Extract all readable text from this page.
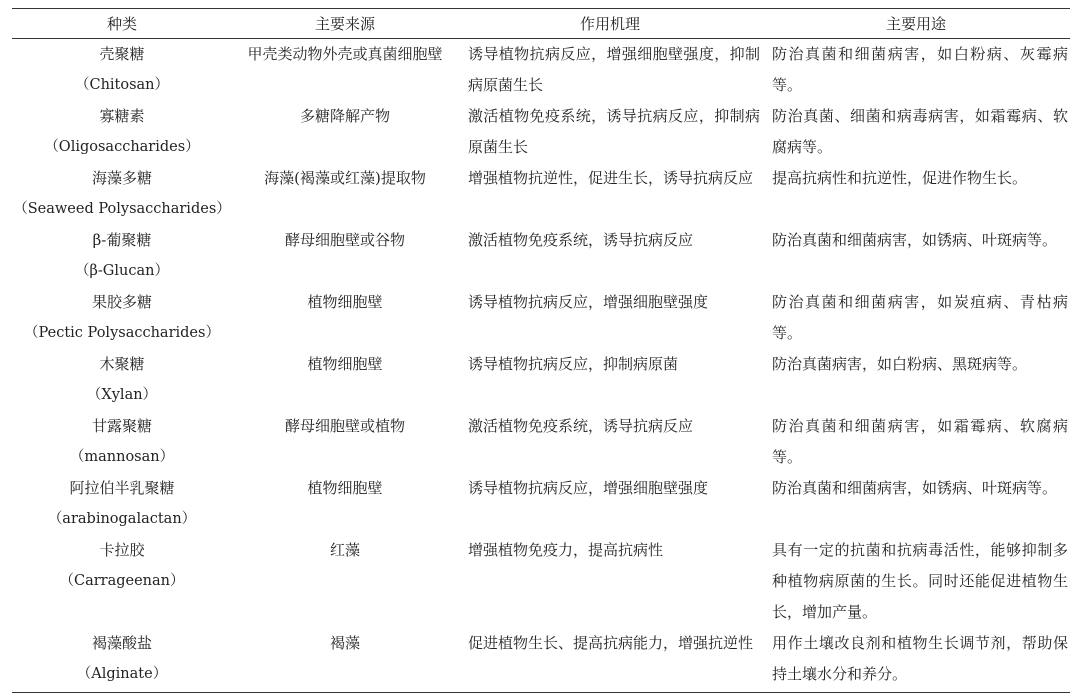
种类	主要来源	作用机理	主要用途

壳聚糖
（Chitosan）	甲壳类动物外壳或真菌细胞壁	诱导植物抗病反应，增强细胞壁强度，抑制病原菌生长	防治真菌和细菌病害，如白粉病、灰霉病等。

寡糖素
（Oligosaccharides）	多糖降解产物	激活植物免疫系统，诱导抗病反应，抑制病原菌生长	防治真菌、细菌和病毒病害，如霜霉病、软腐病等。

海藻多糖
（Seaweed Polysaccharides）	海藻(褐藻或红藻)提取物	增强植物抗逆性，促进生长，诱导抗病反应	提高抗病性和抗逆性，促进作物生长。

β-葡聚糖
（β-Glucan）	酵母细胞壁或谷物	激活植物免疫系统，诱导抗病反应	防治真菌和细菌病害，如锈病、叶斑病等。

果胶多糖
（Pectic Polysaccharides）	植物细胞壁	诱导植物抗病反应，增强细胞壁强度	防治真菌和细菌病害，如炭疽病、青枯病等。

木聚糖
（Xylan）	植物细胞壁	诱导植物抗病反应，抑制病原菌	防治真菌病害，如白粉病、黑斑病等。

甘露聚糖
（mannosan）	酵母细胞壁或植物	激活植物免疫系统，诱导抗病反应	防治真菌和细菌病害，如霜霉病、软腐病等。

阿拉伯半乳聚糖
（arabinogalactan）	植物细胞壁	诱导植物抗病反应，增强细胞壁强度	防治真菌和细菌病害，如锈病、叶斑病等。

卡拉胶
（Carrageenan）	红藻	增强植物免疫力，提高抗病性	具有一定的抗菌和抗病毒活性，能够抑制多种植物病原菌的生长。同时还能促进植物生长，增加产量。

褐藻酸盐
（Alginate）	褐藻	促进植物生长、提高抗病能力，增强抗逆性	用作土壤改良剂和植物生长调节剂，帮助保持土壤水分和养分。
